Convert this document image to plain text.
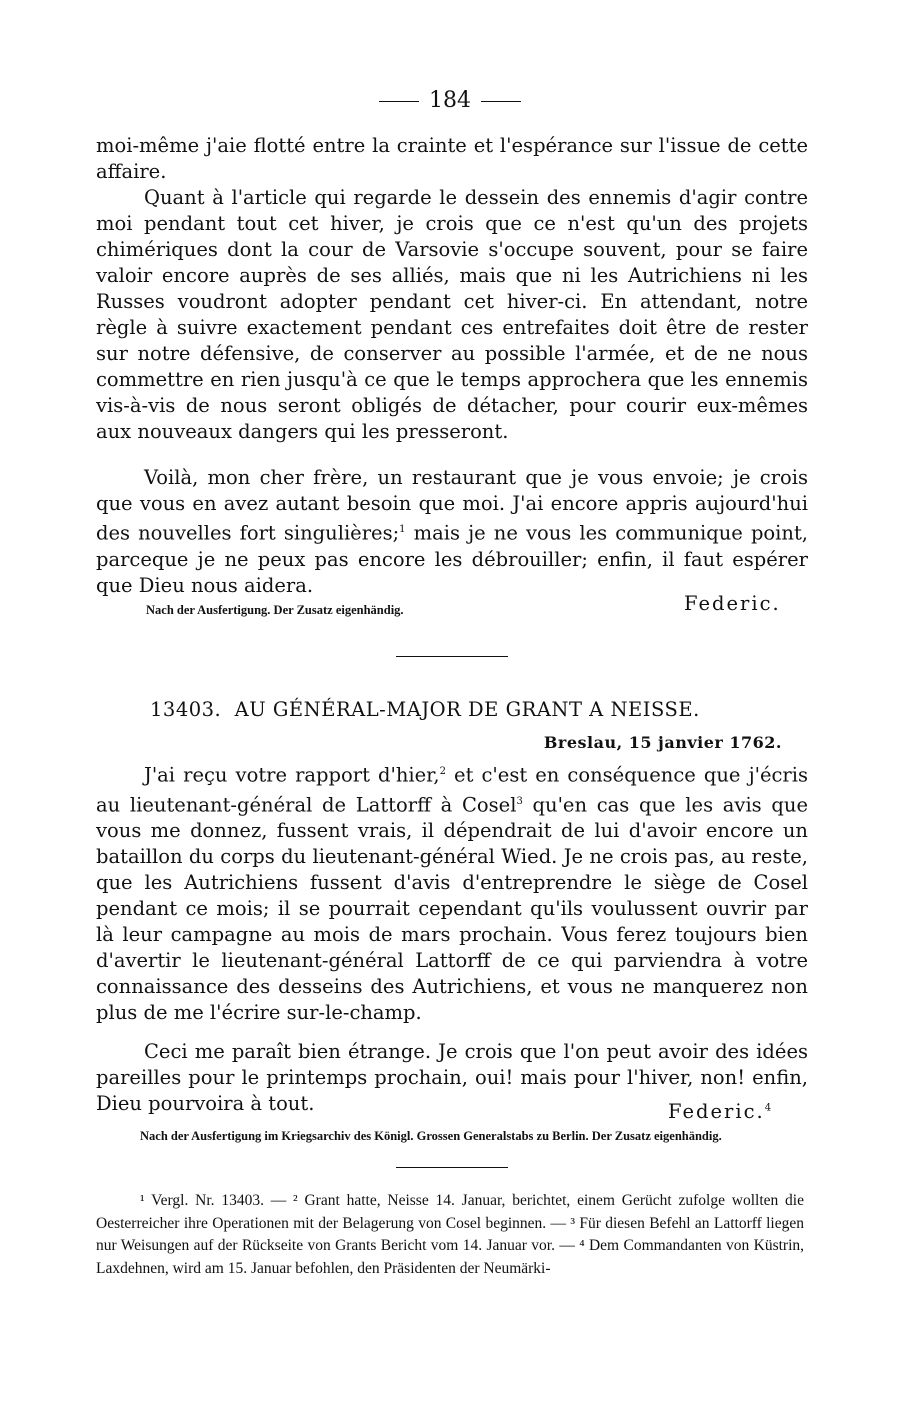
184

moi-même j'aie flotté entre la crainte et l'espérance sur l'issue de cette affaire.

Quant à l'article qui regarde le dessein des ennemis d'agir contre moi pendant tout cet hiver, je crois que ce n'est qu'un des projets chimériques dont la cour de Varsovie s'occupe souvent, pour se faire valoir encore auprès de ses alliés, mais que ni les Autrichiens ni les Russes voudront adopter pendant cet hiver-ci. En attendant, notre règle à suivre exactement pendant ces entrefaites doit être de rester sur notre défensive, de conserver au possible l'armée, et de ne nous commettre en rien jusqu'à ce que le temps approchera que les ennemis vis-à-vis de nous seront obligés de détacher, pour courir eux-mêmes aux nouveaux dangers qui les presseront.

Voilà, mon cher frère, un restaurant que je vous envoie; je crois que vous en avez autant besoin que moi. J'ai encore appris aujourd'hui des nouvelles fort singulières;$^1$ mais je ne vous les communique point, parceque je ne peux pas encore les débrouiller; enfin, il faut espérer que Dieu nous aidera.

Nach der Ausfertigung. Der Zusatz eigenhändig.	Federic.
13403. AU GÉNÉRAL-MAJOR DE GRANT A NEISSE.
Breslau, 15 janvier 1762.

J'ai reçu votre rapport d'hier,$^2$ et c'est en conséquence que j'écris au lieutenant-général de Lattorff à Cosel$^3$ qu'en cas que les avis que vous me donnez, fussent vrais, il dépendrait de lui d'avoir encore un bataillon du corps du lieutenant-général Wied. Je ne crois pas, au reste, que les Autrichiens fussent d'avis d'entreprendre le siège de Cosel pendant ce mois; il se pourrait cependant qu'ils voulussent ouvrir par là leur campagne au mois de mars prochain. Vous ferez toujours bien d'avertir le lieutenant-général Lattorff de ce qui parviendra à votre connaissance des desseins des Autrichiens, et vous ne manquerez non plus de me l'écrire sur-le-champ.

Ceci me paraît bien étrange. Je crois que l'on peut avoir des idées pareilles pour le printemps prochain, oui! mais pour l'hiver, non! enfin, Dieu pourvoira à tout.	Federic.$^4$
Nach der Ausfertigung im Kriegsarchiv des Königl. Grossen Generalstabs zu Berlin. Der Zusatz eigenhändig.

¹ Vergl. Nr. 13403. — ² Grant hatte, Neisse 14. Januar, berichtet, einem Gerücht zufolge wollten die Oesterreicher ihre Operationen mit der Belagerung von Cosel beginnen. — ³ Für diesen Befehl an Lattorff liegen nur Weisungen auf der Rückseite von Grants Bericht vom 14. Januar vor. — ⁴ Dem Commandanten von Küstrin, Laxdehnen, wird am 15. Januar befohlen, den Präsidenten der Neumärki-
